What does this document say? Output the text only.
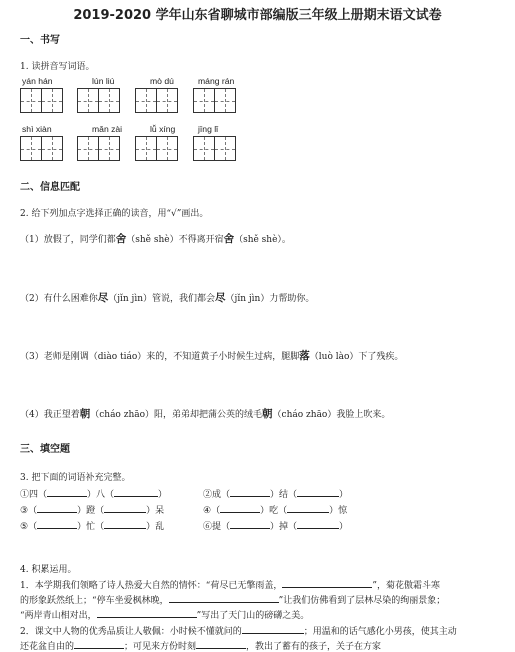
2019-2020 学年山东省聊城市部编版三年级上册期末语文试卷
一、书写
1. 读拼音写词语。
yán hán	lún liú	mò dú	máng rán
shì xiàn	mǎn zài	lǚ xíng	jīng lǐ
二、信息匹配
2. 给下列加点字选择正确的读音，用“√”画出。
（1）放假了，同学们都舍（shě shè）不得离开宿舍（shě shè）。
（2）有什么困难你尽（jǐn jìn）管说，我们都会尽（jǐn jìn）力帮助你。
（3）老师是刚调（diào tiáo）来的，不知道黄子小时候生过病，腿脚落（luò lào）下了残疾。
（4）我正望着朝（cháo zhāo）阳，弟弟却把蒲公英的绒毛朝（cháo zhāo）我脸上吹来。
三、填空题
3. 把下面的词语补充完整。
①四（	）八（	）	②成（	）结（	）
③（	）蹬（	）呆	④（	）吃（	）惊
⑤（	）忙（	）乱	⑥提（	）掉（	）
4. 积累运用。
1．本学期我们领略了诗人热爱大自然的情怀：“荷尽已无擎雨盖，	”，菊花傲霜斗寒
的形象跃然纸上；“停车坐爱枫林晚，	”让我们仿佛看到了层林尽染的绚丽景象；
“两岸青山相对出，	”写出了天门山的磅礴之美。
2．课文中人物的优秀品质让人敬佩：小时候不懂就问的	；用温和的话气感化小男孩，使其主动
还花盆自由的	；可见来方份时刻	，教出了蓄有的孩子，关子在方家
